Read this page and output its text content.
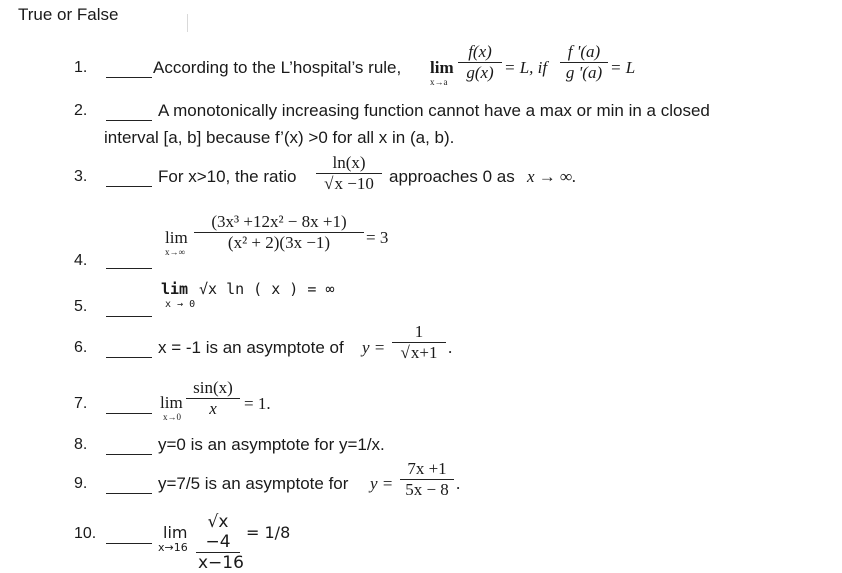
True or False
1.
2.
3.
4.
5.
6.
7.
8.
9.
10.
According to the L’hospital’s rule, lim
x→a
f(x)
g(x) = L, if
f '(a)
g '(a) = L
A monotonically increasing function cannot have a max or min in a closed
interval [a, b] because f’(x) >0 for all x in (a, b).
For x>10, the ratio
ln(x)
√x −10 approaches 0 as x → ∞.
lim
x→∞
(3x³ +12x² − 8x +1)
(x² + 2)(3x −1)	= 3
lim
x → 0
√x ln ( x ) = ∞
x = -1 is an asymptote of y =
1
√x+1 .
lim
x→0
sin(x)
x	= 1.
y=0 is an asymptote for y=1/x.
y=7/5 is an asymptote for y =
7x +1
5x − 8 .
lim
x→16
√x −4
x−16
= 1/8
